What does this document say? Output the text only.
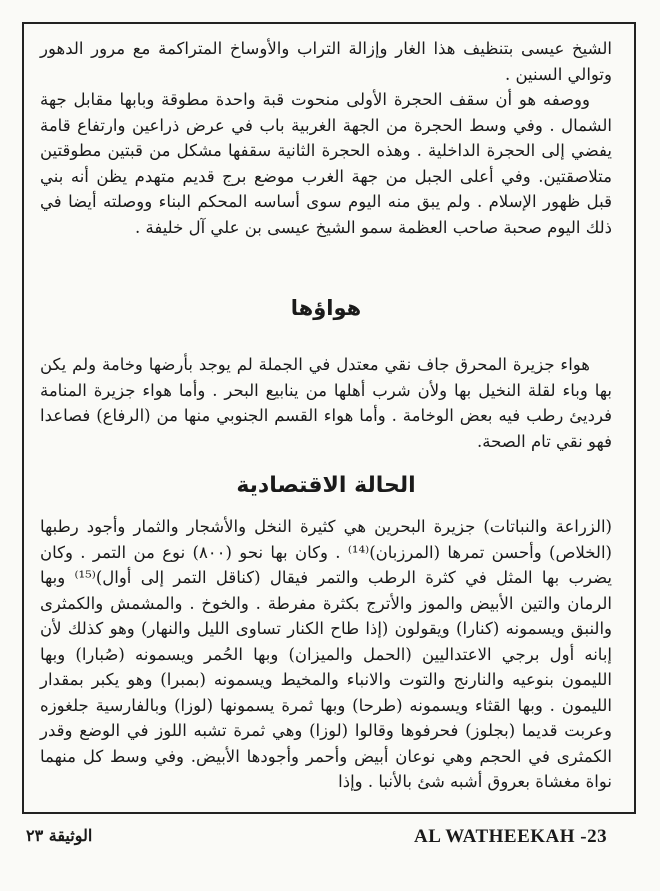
الشيخ عيسى بتنظيف هذا الغار وإزالة التراب والأوساخ المتراكمة مع مرور الدهور وتوالي السنين .

ووصفه هو أن سقف الحجرة الأولى منحوت قبة واحدة مطوقة وبابها مقابل جهة الشمال . وفي وسط الحجرة من الجهة الغربية باب في عرض ذراعين وارتفاع قامة يفضي إلى الحجرة الداخلية . وهذه الحجرة الثانية سقفها مشكل من قبتين مطوقتين متلاصقتين. وفي أعلى الجبل من جهة الغرب موضع برج قديم متهدم يظن أنه بني قبل ظهور الإسلام . ولم يبق منه اليوم سوى أساسه المحكم البناء ووصلته أيضا في ذلك اليوم صحبة صاحب العظمة سمو الشيخ عيسى بن علي آل خليفة .

هواؤها

هواء جزيرة المحرق جاف نقي معتدل في الجملة لم يوجد بأرضها وخامة ولم يكن بها وباء لقلة النخيل بها ولأن شرب أهلها من ينابيع البحر . وأما هواء جزيرة المنامة فرديئ رطب فيه بعض الوخامة . وأما هواء القسم الجنوبي منها من (الرفاع) فصاعدا فهو نقي تام الصحة.

الحالة الاقتصادية

(الزراعة والنباتات) جزيرة البحرين هي كثيرة النخل والأشجار والثمار وأجود رطبها (الخلاص) وأحسن تمرها (المرزبان)⁽¹⁴⁾ . وكان بها نحو (٨٠٠) نوع من التمر . وكان يضرب بها المثل في كثرة الرطب والتمر فيقال (كناقل التمر إلى أوال)⁽¹⁵⁾ وبها الرمان والتين الأبيض والموز والأترج بكثرة مفرطة . والخوخ . والمشمش والكمثرى والنبق ويسمونه (كنارا) ويقولون (إذا طاح الكنار تساوى الليل والنهار) وهو كذلك لأن إبانه أول برجي الاعتداليين (الحمل والميزان) وبها الحُمر ويسمونه (صُبارا) وبها الليمون بنوعيه والنارنج والتوت والانباء والمخيط ويسمونه (بمبرا) وهو يكبر بمقدار الليمون . وبها القثاء ويسمونه (طرحا) وبها ثمرة يسمونها (لوزا) وبالفارسية جلغوزه وعربت قديما (بجلوز) فحرفوها وقالوا (لوزا) وهي ثمرة تشبه اللوز في الوضع وقدر الكمثرى في الحجم وهي نوعان أبيض وأحمر وأجودها الأبيض. وفي وسط كل منهما نواة مغشاة بعروق أشبه شئ بالأنبا . وإذا

الوثيقة ٢٣	AL WATHEEKAH -23
